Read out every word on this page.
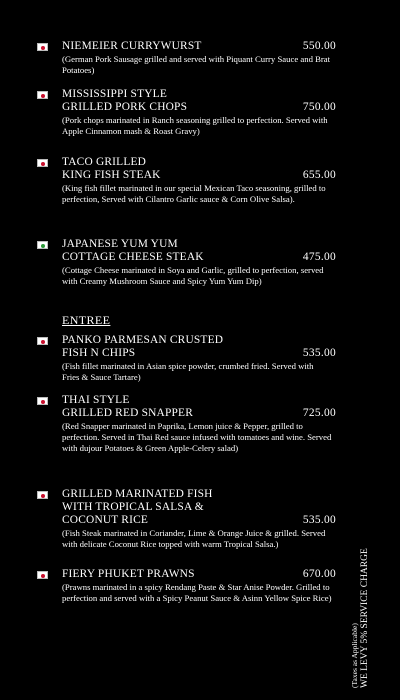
ENTREE
(Taxes as Applicable) WE LEVY 5% SERVICE CHARGE
NIEMEIER CURRYWURST	550.00
(German Pork Sausage grilled and served with Piquant Curry Sauce and Brat Potatoes)
MISSISSIPPI STYLE
GRILLED PORK CHOPS	750.00
(Pork chops marinated in Ranch seasoning grilled to perfection. Served with Apple Cinnamon mash & Roast Gravy)
TACO GRILLED
KING FISH STEAK	655.00
(King fish fillet marinated in our special Mexican Taco seasoning, grilled to perfection, Served with Cilantro Garlic sauce & Corn Olive Salsa).
JAPANESE YUM YUM
COTTAGE CHEESE STEAK	475.00
(Cottage Cheese marinated in Soya and Garlic, grilled to perfection, served with Creamy Mushroom Sauce and Spicy Yum Yum Dip)
PANKO PARMESAN CRUSTED
FISH N CHIPS	535.00
(Fish fillet marinated in Asian spice powder, crumbed fried. Served with Fries & Sauce Tartare)
THAI STYLE
GRILLED RED SNAPPER	725.00
(Red Snapper marinated in Paprika, Lemon juice & Pepper, grilled to perfection. Served in Thai Red sauce infused with tomatoes and wine. Served with dujour Potatoes & Green Apple-Celery salad)
GRILLED MARINATED FISH
WITH TROPICAL SALSA &
COCONUT RICE	535.00
(Fish Steak marinated in Coriander, Lime & Orange Juice & grilled. Served with delicate Coconut Rice topped with warm Tropical Salsa.)
FIERY PHUKET PRAWNS	670.00
(Prawns marinated in a spicy Rendang Paste & Star Anise Powder. Grilled to perfection and served with a Spicy Peanut Sauce & Asinn Yellow Spice Rice)
